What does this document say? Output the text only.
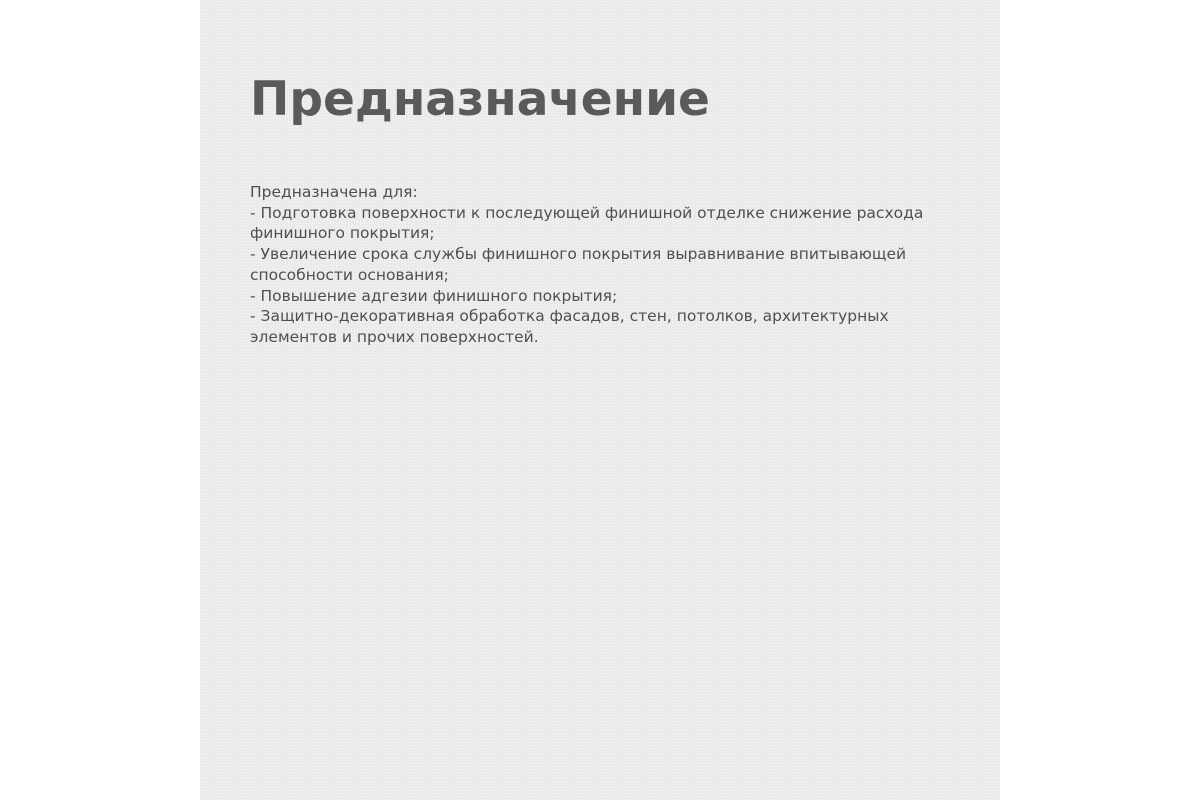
Предназначение
Предназначена для:
- Подготовка поверхности к последующей финишной отделке снижение расхода
финишного покрытия;
- Увеличение срока службы финишного покрытия выравнивание впитывающей
способности основания;
- Повышение адгезии финишного покрытия;
- Защитно-декоративная обработка фасадов, стен, потолков, архитектурных
элементов и прочих поверхностей.
